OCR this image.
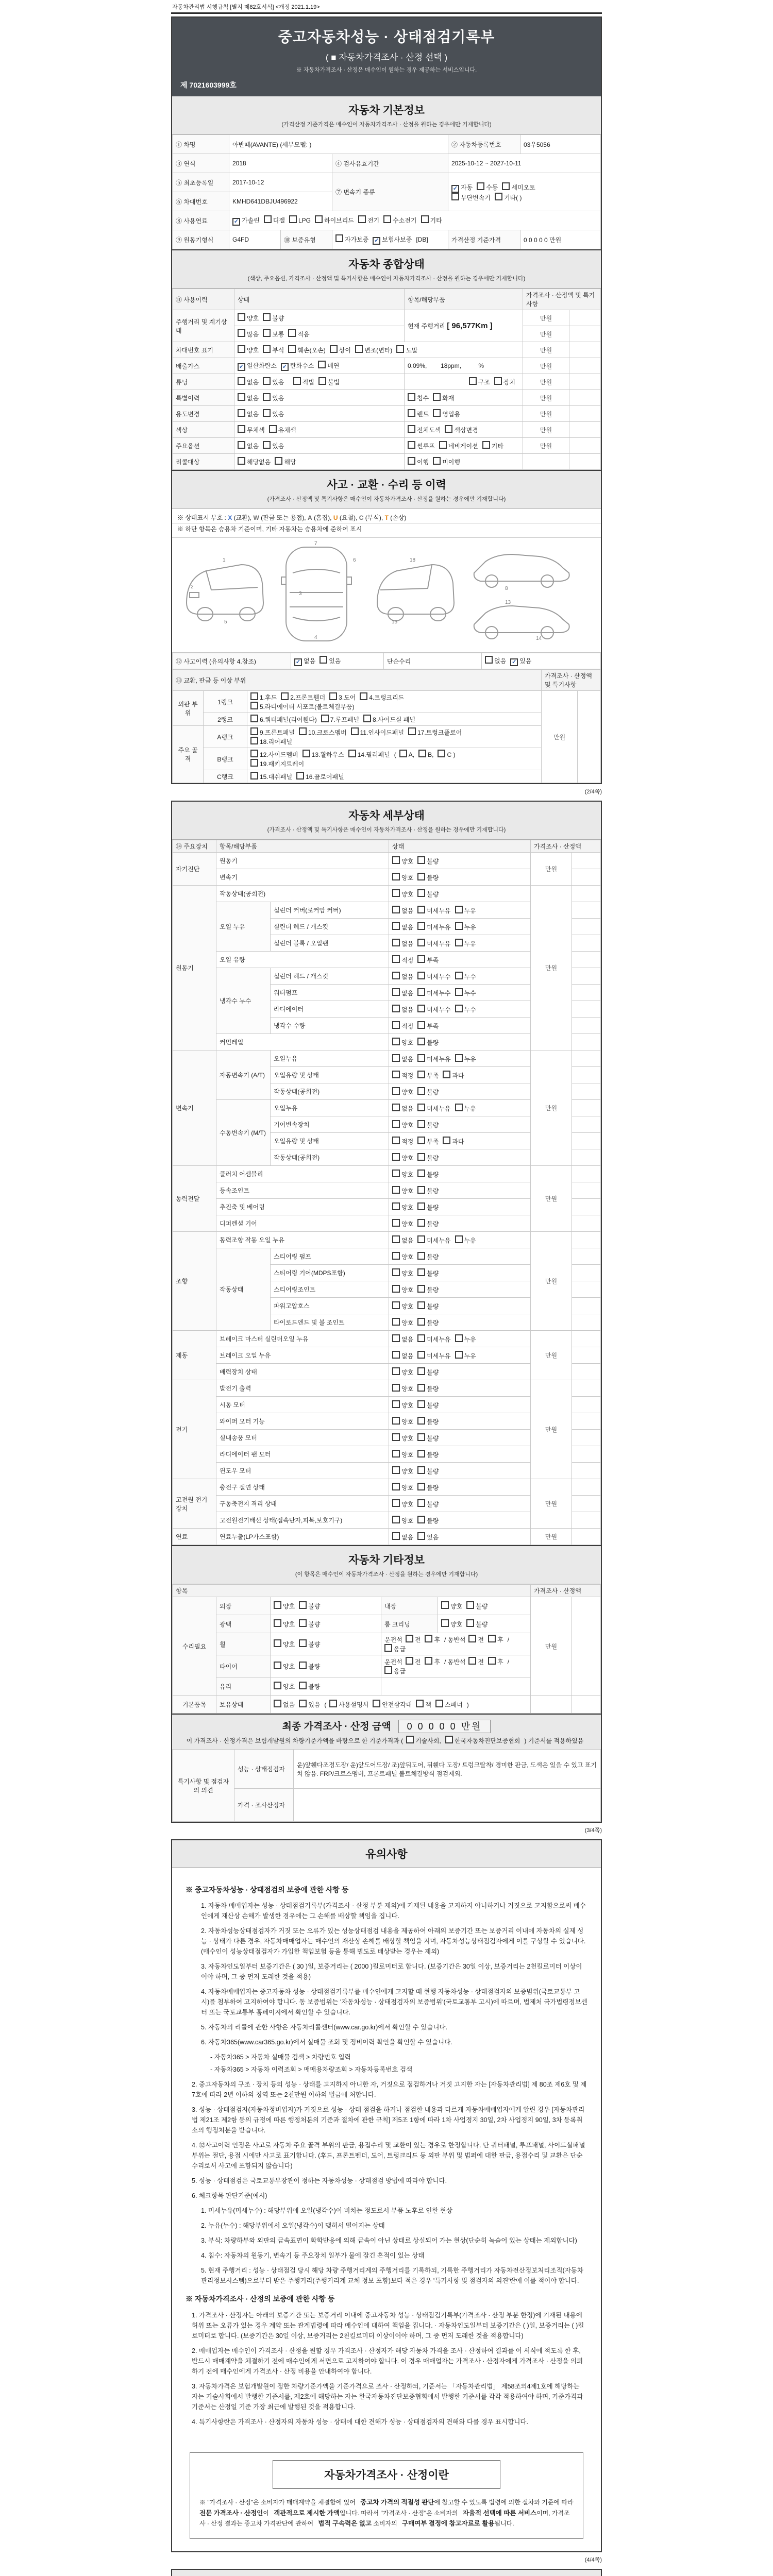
자동차관리법 시행규칙 [별지 제82호서식] <개정 2021.1.19>
중고자동차성능 · 상태점검기록부
( ■ 자동차가격조사 · 산정 선택 )
※ 자동차가격조사 · 산정은 매수인이 원하는 경우 제공하는 서비스입니다.
제 7021603999호
자동차 기본정보
(가격산정 기준가격은 매수인이 자동차가격조사 · 산정을 원하는 경우에만 기재합니다)
① 차명	아반떼(AVANTE) (세부모델: )			② 자동차등록번호	03우5056
③ 연식	2018		④ 검사유효기간	2025-10-12 ~ 2027-10-11	
⑤ 최초등록일	2017-10-12		⑦ 변속기 종류	✓ 자동 수동 세미오토
무단변속기 기타( )	
⑥ 차대번호	KMHD641DBJU496922				
⑧ 사용연료	✓ 가솔린 디젤 LPG 하이브리드 전기 수소전기 기타				
⑨ 원동기형식	G4FD	⑩ 보증유형	자가보증 ✓ 보험사보증 [DB]	가격산정 기준가격	0 0 0 0 0 만원
자동차 종합상태
(색상, 주요옵션, 가격조사 · 산정액 및 특기사항은 매수인이 자동차가격조사 · 산정을 원하는 경우에만 기재합니다)
⑪ 사용이력	상태	항목/해당부품	가격조사 · 산정액 및 특기사항	
주행거리 및 계기상태	양호 불량	현재 주행거리 [ 96,577Km ]	만원	
	많음 보통 적음		만원	
차대번호 표기	양호 부식 훼손(오손) 상이 변조(변타) 도말		만원	
배출가스	✓ 일산화탄소 ✓ 탄화수소 매연	0.09%,        18ppm,          %	만원	
튜닝	없음 있음 적법 불법	구조 장치	만원	
특별이력	없음 있음	침수 화재	만원	
용도변경	없음 있음	렌트 영업용	만원	
색상	무채색 유채색	전체도색 색상변경	만원	
주요옵션	없음 있음	썬루프 네비게이션 기타	만원	
리콜대상	해당없음 해당	이행 미이행		
사고 · 교환 · 수리 등 이력
(가격조사 · 산정액 및 특기사항은 매수인이 자동차가격조사 · 산정을 원하는 경우에만 기재합니다)
※ 상태표시 부호 : X (교환), W (판금 또는 용접), A (흠집), U (요철), C (부식), T (손상)
※ 하단 항목은 승용차 기준이며, 기타 자동차는 승용차에 준하여 표시
1
2
3
4
5
6
7
8
18
13
14
15
⑫ 사고이력 (유의사항 4.참조)	✓ 없음 있음	단순수리	없음 ✓ 있음
⑬ 교환, 판금 등 이상 부위			가격조사 · 산정액 및 특기사항	
외판 부위	1랭크	1.후드 2.프론트휀더 3.도어 4.트렁크리드
5.라디에이터 서포트(볼트체결부품)	만원	
	2랭크	6.쿼터패널(리어휀다) 7.루프패널 8.사이드실 패널		
주요 골격	A랭크	9.프론트패널 10.크로스멤버 11.인사이드패널 17.트렁크플로어
18.리어패널		
	B랭크	12.사이드멤버 13.휠하우스 14.필러패널 ( A, B, C )
19.패키지트레이		
	C랭크	15.대쉬패널 16.플로어패널		
(2/4쪽)
자동차 세부상태
(가격조사 · 산정액 및 특기사항은 매수인이 자동차가격조사 · 산정을 원하는 경우에만 기재합니다)
⑭ 주요장치	항목/해당부품		상태	가격조사 · 산정액	
자기진단	원동기		양호 불량	만원	
	변속기		양호 불량		
원동기	작동상태(공회전)		양호 불량	만원	
	오일 누유	실린더 커버(로커암 커버)	없음 미세누유 누유		
		실린더 헤드 / 개스킷	없음 미세누유 누유		
		실린더 블록 / 오일팬	없음 미세누유 누유		
	오일 유량		적정 부족		
	냉각수 누수	실린더 헤드 / 개스킷	없음 미세누수 누수		
		워터펌프	없음 미세누수 누수		
		라디에이터	없음 미세누수 누수		
		냉각수 수량	적정 부족		
	커먼레일		양호 불량		
변속기	자동변속기 (A/T)	오일누유	없음 미세누유 누유	만원	
		오일유량 및 상태	적정 부족 과다		
		작동상태(공회전)	양호 불량		
	수동변속기 (M/T)	오일누유	없음 미세누유 누유		
		기어변속장치	양호 불량		
		오일유량 및 상태	적정 부족 과다		
		작동상태(공회전)	양호 불량		
동력전달	클러치 어셈블리		양호 불량	만원	
	등속조인트		양호 불량		
	추진축 및 베어링		양호 불량		
	디퍼렌셜 기어		양호 불량		
조향	동력조향 작동 오일 누유		없음 미세누유 누유	만원	
	작동상태	스티어링 펌프	양호 불량		
		스티어링 기어(MDPS포함)	양호 불량		
		스티어링조인트	양호 불량		
		파워고압호스	양호 불량		
		타이로드엔드 및 볼 조인트	양호 불량		
제동	브레이크 마스터 실린더오일 누유		없음 미세누유 누유	만원	
	브레이크 오일 누유		없음 미세누유 누유		
	배력장치 상태		양호 불량		
전기	발전기 출력		양호 불량	만원	
	시동 모터		양호 불량		
	와이퍼 모터 기능		양호 불량		
	실내송풍 모터		양호 불량		
	라디에이터 팬 모터		양호 불량		
	윈도우 모터		양호 불량		
고전원 전기장치	충전구 절연 상태		양호 불량	만원	
	구동축전지 격리 상태		양호 불량		
	고전원전기배선 상태(접속단자,피복,보호기구)		양호 불량		
연료	연료누출(LP가스포함)		없음 있음	만원	
자동차 기타정보
(이 항목은 매수인이 자동차가격조사 · 산정을 원하는 경우에만 기재합니다)
항목					가격조사 · 산정액	
수리필요	외장	양호 불량	내장	양호 불량	만원	
	광택	양호 불량	룸 크리닝	양호 불량		
	휠	양호 불량	운전석 전 후 / 동반석 전 후 /응급			
	타이어	양호 불량	운전석 전 후 / 동반석 전 후 /응급			
	유리	양호 불량				
기본품목	보유상태	없음 있음 ( 사용설명서 안전삼각대 잭 스패너 )				
최종 가격조사 · 산정 금액 0 0 0 0 0 만원
이 가격조사 · 산정가격은 보험개발원의 차량기준가액을 바탕으로 한 기준가격과 ( 기술사회, 한국자동차진단보증협회 ) 기준서를 적용하였음
특기사항 및 점검자의 의견	성능 · 상태점검자	운)앞휀다조정도장/ 운)앞도어도장/ 조)앞뒤도어, 뒤휀다 도장/ 트렁크탈착/ 경미한 판금, 도색은 있을 수 있고 표기치 않음. FRP/크로스멤버, 프론트패널 볼트체결방식 점검제외.
	가격 · 조사산정자	
(3/4쪽)
유의사항

※ 중고자동차성능 · 상태점검의 보증에 관한 사항 등

1. 자동차 매매업자는 성능 · 상태점검기록부(가격조사 · 산정 부분 제외)에 기재된 내용을 고지하지 아니하거나 거짓으로 고지함으로써 매수인에게 재산상 손해가 발생한 경우에는 그 손해를 배상할 책임을 집니다.

2. 자동차성능상태점검자가 거짓 또는 오류가 있는 성능상태점검 내용을 제공하여 아래의 보증기간 또는 보증거리 이내에 자동차의 실제 성능 · 상태가 다른 경우, 자동차매매업자는 매수인의 재산상 손해를 배상할 책임을 지며, 자동차성능상태점검자에게 이를 구상할 수 있습니다.(매수인이 성능상태점검자가 가입한 책임보험 등을 통해 별도로 배상받는 경우는 제외)

3. 자동차인도일부터 보증기간은 ( 30 )일, 보증거리는 ( 2000 )킬로미터로 합니다. (보증기간은 30일 이상, 보증거리는 2천킬로미터 이상이어야 하며, 그 중 먼저 도래한 것을 적용)

4. 자동차매매업자는 중고자동차 성능 · 상태점검기록부를 매수인에게 고지할 때 현행 자동차성능 · 상태점검자의 보증범위(국토교통부 고시)를 첨부하여 고지하여야 합니다. 동 보증범위는 '자동차성능 · 상태점검자의 보증범위'(국토교통부 고시)에 따르며, 법제처 국가법령정보센터 또는 국토교통부 홈페이지에서 확인할 수 있습니다.

5. 자동차의 리콜에 관한 사항은 자동차리콜센터(www.car.go.kr)에서 확인할 수 있습니다.

6. 자동차365(www.car365.go.kr)에서 실매물 조회 및 정비이력 확인을 확인할 수 있습니다.

- 자동차365 > 자동차 실매물 검색 > 차량번호 입력

- 자동차365 > 자동차 이력조회 > 매매용차량조회 > 자동차등록번호 검색

2. 중고자동차의 구조 · 장치 등의 성능 · 상태를 고지하지 아니한 자, 거짓으로 점검하거나 거짓 고지한 자는 [자동차관리법] 제 80조 제6호 및 제7호에 따라 2년 이하의 징역 또는 2천만원 이하의 벌금에 처합니다.

3. 성능 · 상태점검자(자동차정비업자)가 거짓으로 성능 · 상태 점검을 하거나 점검한 내용과 다르게 자동차매매업자에게 알린 경우 [자동차관리법 제21조 제2항 등의 규정에 따른 행정처분의 기준과 절차에 관한 규칙] 제5조 1항에 따라 1차 사업정지 30일, 2차 사업정지 90일, 3차 등록취소의 행정처분을 받습니다.

4. ⑫사고이력 인정은 사고로 자동차 주요 골격 부위의 판금, 용접수리 및 교환이 있는 경우로 한정합니다. 단 쿼터패널, 루프패널, 사이드실패널 부위는 절단, 용접 시에만 사고로 표기합니다. (후드, 프론트펜더, 도어, 트렁크리드 등 외판 부위 및 범퍼에 대한 판금, 용접수리 및 교환은 단순수리로서 사고에 포함되지 않습니다)

5. 성능 · 상태점검은 국토교통부장관이 정하는 자동차성능 · 상태점검 방법에 따라야 합니다.

6. 체크항목 판단기준(예시)

1. 미세누유(미세누수) : 해당부위에 오일(냉각수)이 비치는 정도로서 부품 노후로 인한 현상

2. 누유(누수) : 해당부위에서 오일(냉각수)이 맺혀서 떨어지는 상태

3. 부식: 차량하부와 외판의 금속표면이 화학반응에 의해 금속이 아닌 상태로 상실되어 가는 현상(단순히 녹슬어 있는 상태는 제외합니다)

4. 침수: 자동차의 원동기, 변속기 등 주요장치 일부가 물에 잠긴 흔적이 있는 상태

5. 현재 주행거리 : 성능 · 상태점검 당시 해당 차량 주행거리계의 주행거리를 기록하되, 기록한 주행거리가 자동차전산정보처리조직(자동차관리정보시스템)으로부터 받은 주행거리(주행거리계 교체 정보 포함)보다 적은 경우 '특기사항 및 점검자의 의견'란에 이를 적어야 합니다.

※ 자동차가격조사 · 산정의 보증에 관한 사항 등

1. 가격조사 · 산정자는 아래의 보증기간 또는 보증거리 이내에 중고자동차 성능 · 상태점검기록부(가격조사 · 산정 부분 한정)에 기재된 내용에 허위 또는 오류가 있는 경우 계약 또는 관계법령에 따라 매수인에 대하여 책임을 집니다. · 자동차인도일부터 보증기간은 ( )일, 보증거리는 ( )킬로미터로 합니다. (보증기간은 30일 이상, 보증거리는 2천킬로미터 이상이어야 하며, 그 중 먼저 도래한 것을 적용합니다)

2. 매매업자는 매수인이 가격조사 · 산정을 원할 경우 가격조사 · 산정자가 해당 자동차 가격을 조사 · 산정하여 결과를 이 서식에 적도록 한 후, 반드시 매매계약을 체결하기 전에 매수인에게 서면으로 고지하여야 합니다. 이 경우 매매업자는 가격조사 · 산정자에게 가격조사 · 산정을 의뢰하기 전에 매수인에게 가격조사 · 산정 비용을 안내하여야 합니다.

3. 자동차가격은 보험개발원이 정한 차량기준가액을 기준가격으로 조사 · 산정하되, 기준서는 「자동차관리법」 제58조의4제1호에 해당하는 자는 기술사회에서 발행한 기준서를, 제2호에 해당하는 자는 한국자동차진단보증협회에서 발행한 기준서를 각각 적용하여야 하며, 기준가격과 기준서는 산정일 기준 가장 최근에 발행된 것을 적용합니다.

4. 특기사항란은 가격조사 · 산정자의 자동차 성능 · 상태에 대한 견해가 성능 · 상태점검자의 견해와 다를 경우 표시합니다.

자동차가격조사 · 산정이란
※ "가격조사 · 산정"은 소비자가 매매계약을 체결함에 있어 중고차 가격의 적절성 판단에 참고할 수 있도록 법령에 의한 절차와 기준에 따라 전문 가격조사 · 산정인이 객관적으로 제시한 가액입니다. 따라서 "가격조사 · 산정"은 소비자의 자율적 선택에 따른 서비스이며, 가격조사 · 산정 결과는 중고차 가격판단에 관하여 법적 구속력은 없고 소비자의 구매여부 결정에 참고자료로 활용됩니다.
(4/4쪽)
